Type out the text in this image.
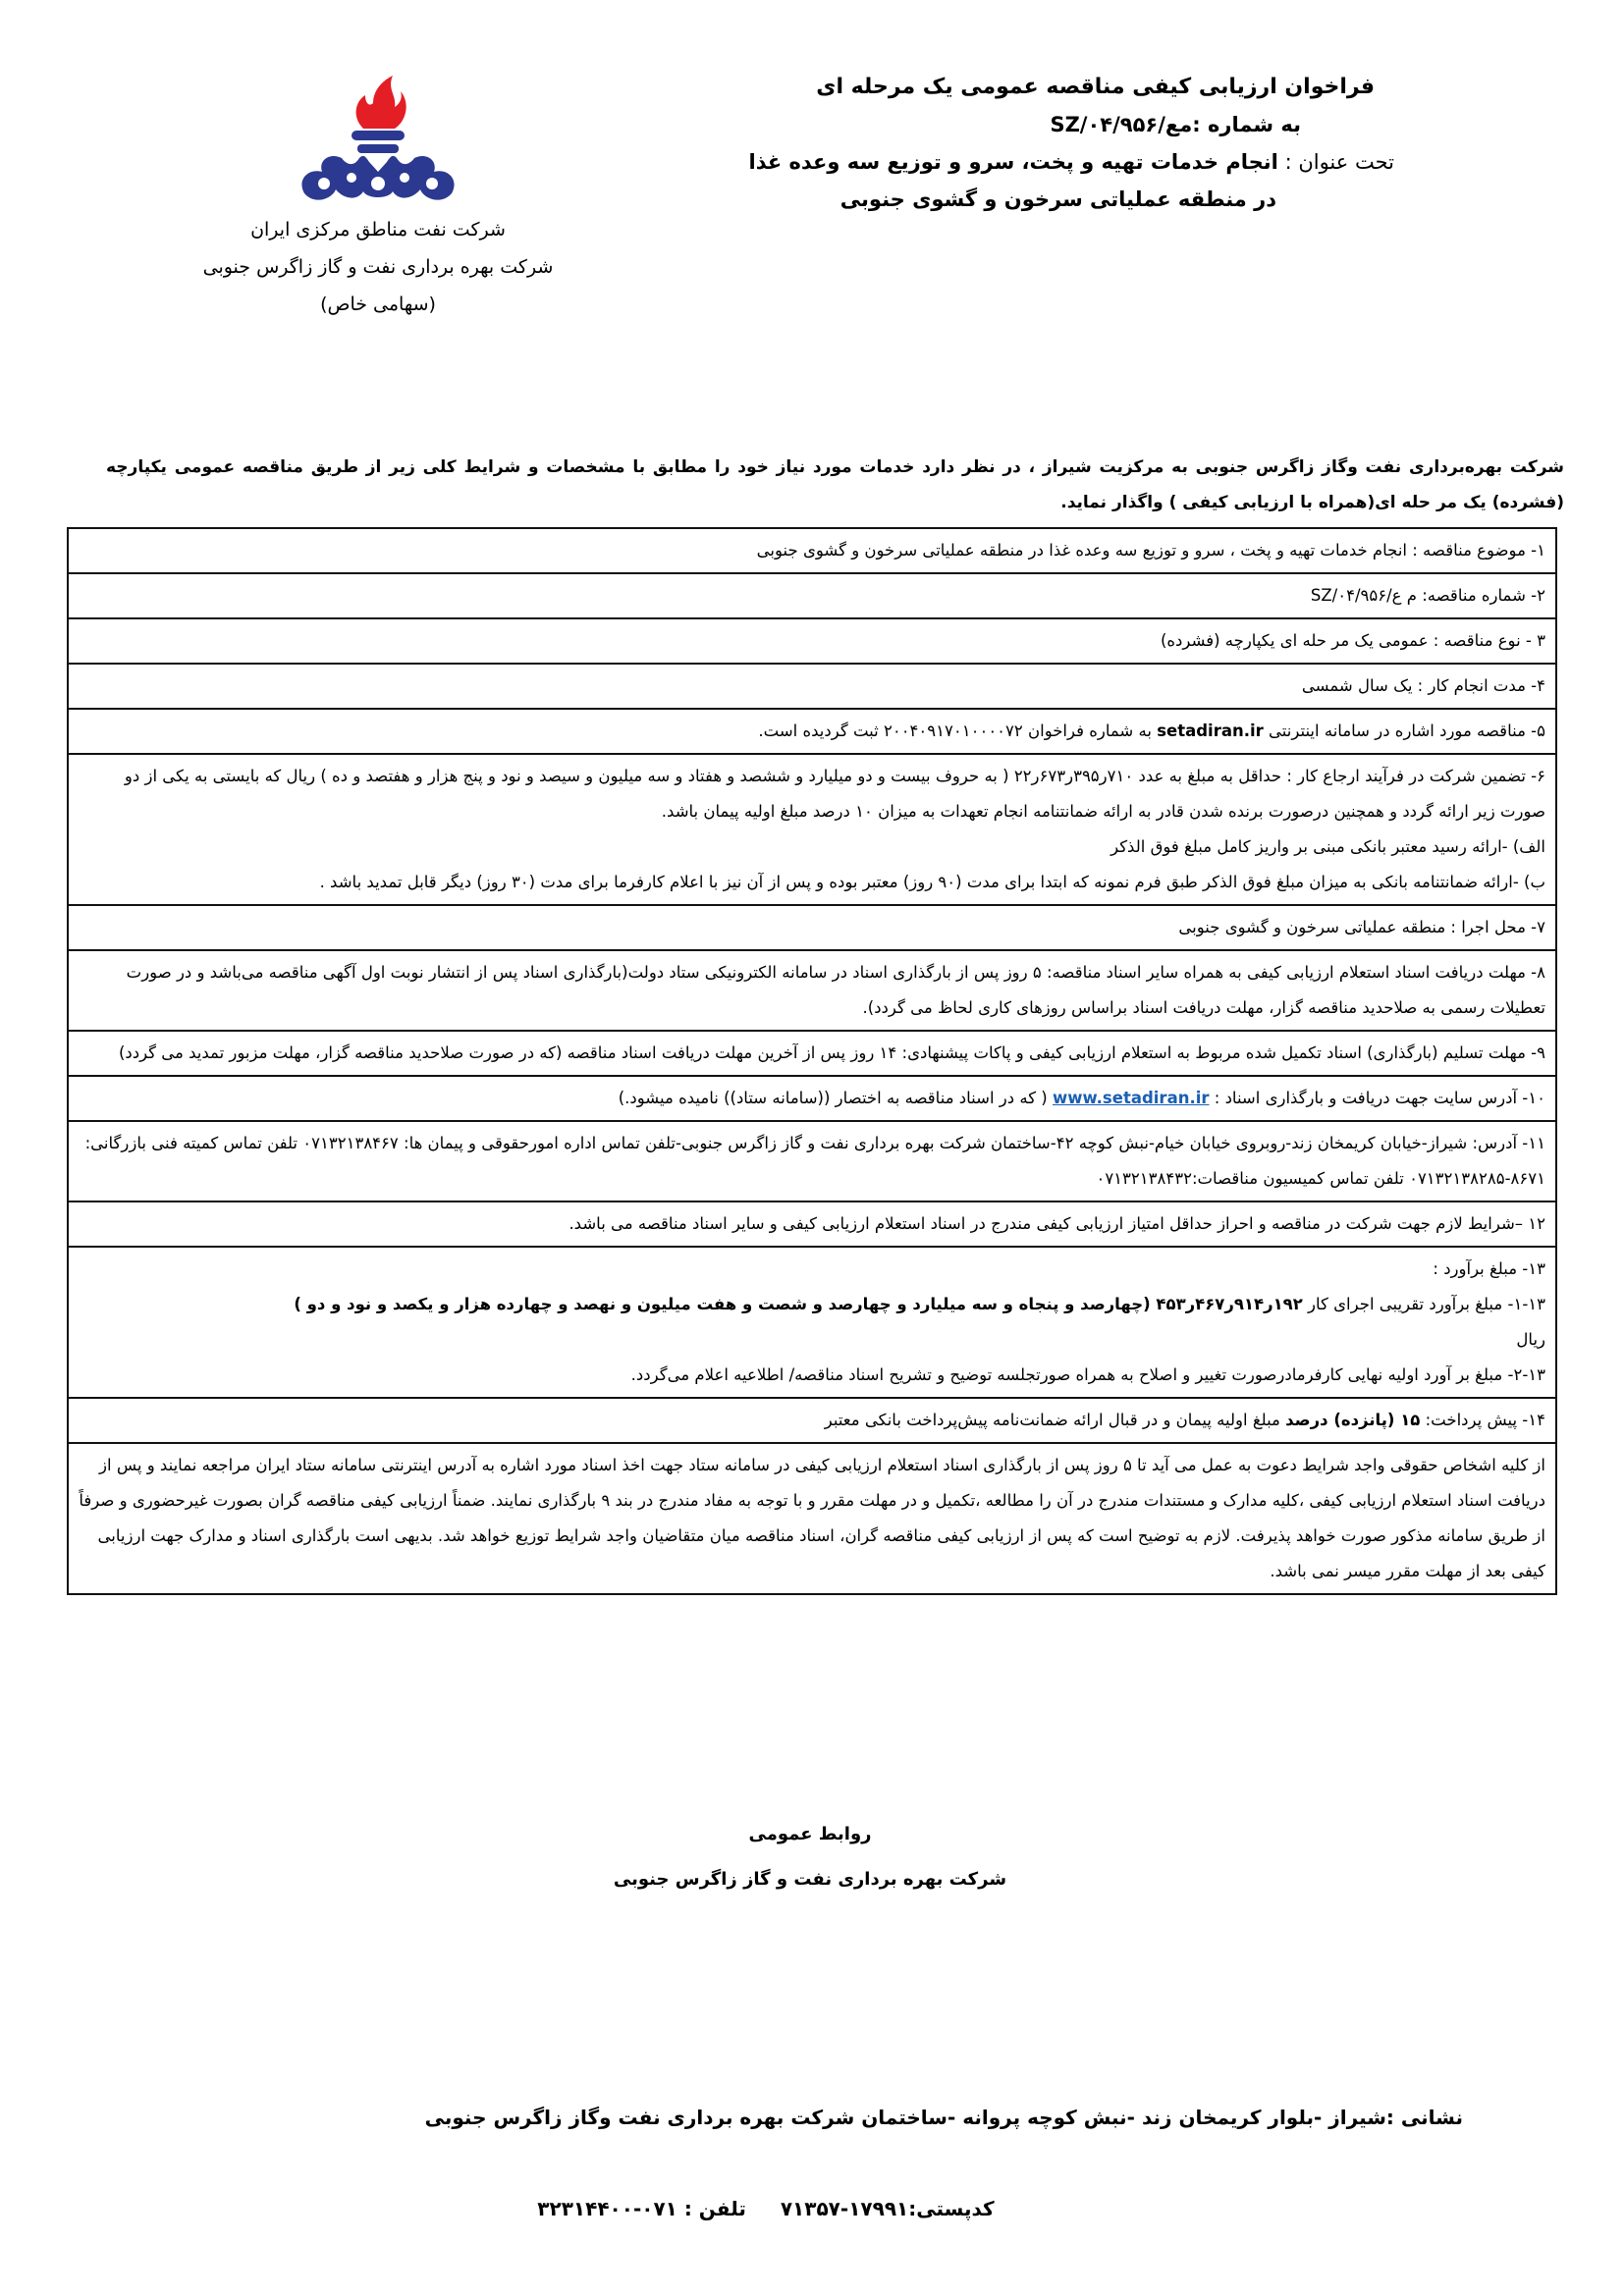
شرکت نفت مناطق مرکزی ایران
شرکت بهره برداری نفت و گاز زاگرس جنوبی
(سهامی خاص)
فراخوان ارزیابی کیفی مناقصه عمومی یک مرحله ای
به شماره :مع/SZ/۰۴/۹۵۶
تحت عنوان : انجام خدمات تهیه و پخت، سرو و توزیع سه وعده غذا
در منطقه عملیاتی سرخون و گشوی جنوبی
شرکت بهره‌برداری نفت وگاز زاگرس جنوبی به مرکزیت شیراز ، در نظر دارد خدمات مورد نیاز خود را مطابق با مشخصات و شرایط کلی زیر از طریق مناقصه عمومی یکپارچه (فشرده) یک مر حله ای(همراه با ارزیابی کیفی ) واگذار نماید.
۱- موضوع مناقصه : انجام خدمات تهیه و پخت ، سرو و توزیع سه وعده غذا در منطقه عملیاتی سرخون و گشوی جنوبی
۲- شماره مناقصه: م ع/SZ/۰۴/۹۵۶
۳ - نوع مناقصه : عمومی یک مر حله ای یکپارچه (فشرده)
۴- مدت انجام کار : یک سال شمسی
۵- مناقصه مورد اشاره در سامانه اینترنتی setadiran.ir به شماره فراخوان ۲۰۰۴۰۹۱۷۰۱۰۰۰۰۷۲ ثبت گردیده است.

۶- تضمین شرکت در فرآیند ارجاع کار : حداقل به مبلغ به عدد ۷۱۰ر۳۹۵ر۶۷۳ر۲۲ ( به حروف بیست و دو میلیارد و ششصد و هفتاد و سه میلیون و سیصد و نود و پنج هزار و هفتصد و ده ) ریال که بایستی به یکی از دو صورت زیر ارائه گردد و همچنین درصورت برنده شدن قادر به ارائه ضمانتنامه انجام تعهدات به میزان ۱۰ درصد مبلغ اولیه پیمان باشد.
الف) -ارائه رسید معتبر بانکی مبنی بر واریز کامل مبلغ فوق الذکر
ب) -ارائه ضمانتنامه بانکی به میزان مبلغ فوق الذکر طبق فرم نمونه که ابتدا برای مدت (۹۰ روز) معتبر بوده و پس از آن نیز با اعلام کارفرما برای مدت (۳۰ روز) دیگر قابل تمدید باشد .

۷- محل اجرا : منطقه عملیاتی سرخون و گشوی جنوبی
۸- مهلت دریافت اسناد استعلام ارزیابی کیفی به همراه سایر اسناد مناقصه: ۵ روز پس از بارگذاری اسناد در سامانه الکترونیکی ستاد دولت(بارگذاری اسناد پس از انتشار نوبت اول آگهی مناقصه می‌باشد و در صورت تعطیلات رسمی به صلاحدید مناقصه گزار، مهلت دریافت اسناد براساس روزهای کاری لحاظ می گردد).
۹- مهلت تسلیم (بارگذاری) اسناد تکمیل شده مربوط به استعلام ارزیابی کیفی و پاکات پیشنهادی: ۱۴ روز پس از آخرین مهلت دریافت اسناد مناقصه (که در صورت صلاحدید مناقصه گزار، مهلت مزبور تمدید می گردد)
۱۰- آدرس سایت جهت دریافت و بارگذاری اسناد : www.setadiran.ir ( که در اسناد مناقصه به اختصار ((سامانه ستاد)) نامیده میشود.)
۱۱- آدرس: شیراز-خیابان کریمخان زند-روبروی خیابان خیام-نبش کوچه ۴۲-ساختمان شرکت بهره برداری نفت و گاز زاگرس جنوبی-تلفن تماس اداره امورحقوقی و پیمان ها: ۰۷۱۳۲۱۳۸۴۶۷ تلفن تماس کمیته فنی بازرگانی: ۸۶۷۱-۰۷۱۳۲۱۳۸۲۸۵ تلفن تماس کمیسیون مناقصات:۰۷۱۳۲۱۳۸۴۳۲
۱۲ –شرایط لازم جهت شرکت در مناقصه و احراز حداقل امتیاز ارزیابی کیفی مندرج در اسناد استعلام ارزیابی کیفی و سایر اسناد مناقصه می باشد.

۱۳- مبلغ برآورد :
۱-۱۳- مبلغ برآورد تقریبی اجرای کار ۱۹۲ر۹۱۴ر۴۶۷ر۴۵۳ (چهارصد و پنجاه و سه میلیارد و چهارصد و شصت و هفت میلیون و نهصد و چهارده هزار و یکصد و نود و دو )
ریال
۲-۱۳- مبلغ بر آورد اولیه نهایی کارفرمادرصورت تغییر و اصلاح به همراه صورتجلسه توضیح و تشریح اسناد مناقصه/ اطلاعیه اعلام می‌گردد.

۱۴- پیش پرداخت: ۱۵ (پانزده) درصد مبلغ اولیه پیمان و در قبال ارائه ضمانت‌نامه پیش‌پرداخت بانکی معتبر
از کلیه اشخاص حقوقی واجد شرایط دعوت به عمل می آید تا ۵ روز پس از بارگذاری اسناد استعلام ارزیابی کیفی در سامانه ستاد جهت اخذ اسناد مورد اشاره به آدرس اینترنتی سامانه ستاد ایران مراجعه نمایند و پس از دریافت اسناد استعلام ارزیابی کیفی ،کلیه مدارک و مستندات مندرج در آن را مطالعه ،تکمیل و در مهلت مقرر و با توجه به مفاد مندرج در بند ۹ بارگذاری نمایند. ضمناً ارزیابی کیفی مناقصه گران بصورت غیرحضوری و صرفاً از طریق سامانه مذکور صورت خواهد پذیرفت. لازم به توضیح است که پس از ارزیابی کیفی مناقصه گران، اسناد مناقصه میان متقاضیان واجد شرایط توزیع خواهد شد. بدیهی است بارگذاری اسناد و مدارک جهت ارزیابی کیفی بعد از مهلت مقرر میسر نمی باشد.
روابط عمومی
شرکت بهره برداری نفت و گاز زاگرس جنوبی
نشانی :شیراز -بلوار کریمخان زند -نبش کوچه پروانه -ساختمان شرکت بهره برداری نفت وگاز زاگرس جنوبی
کدپستی:۱۷۹۹۱-۷۱۳۵۷ تلفن : ۰۷۱-۳۲۳۱۴۴۰۰
